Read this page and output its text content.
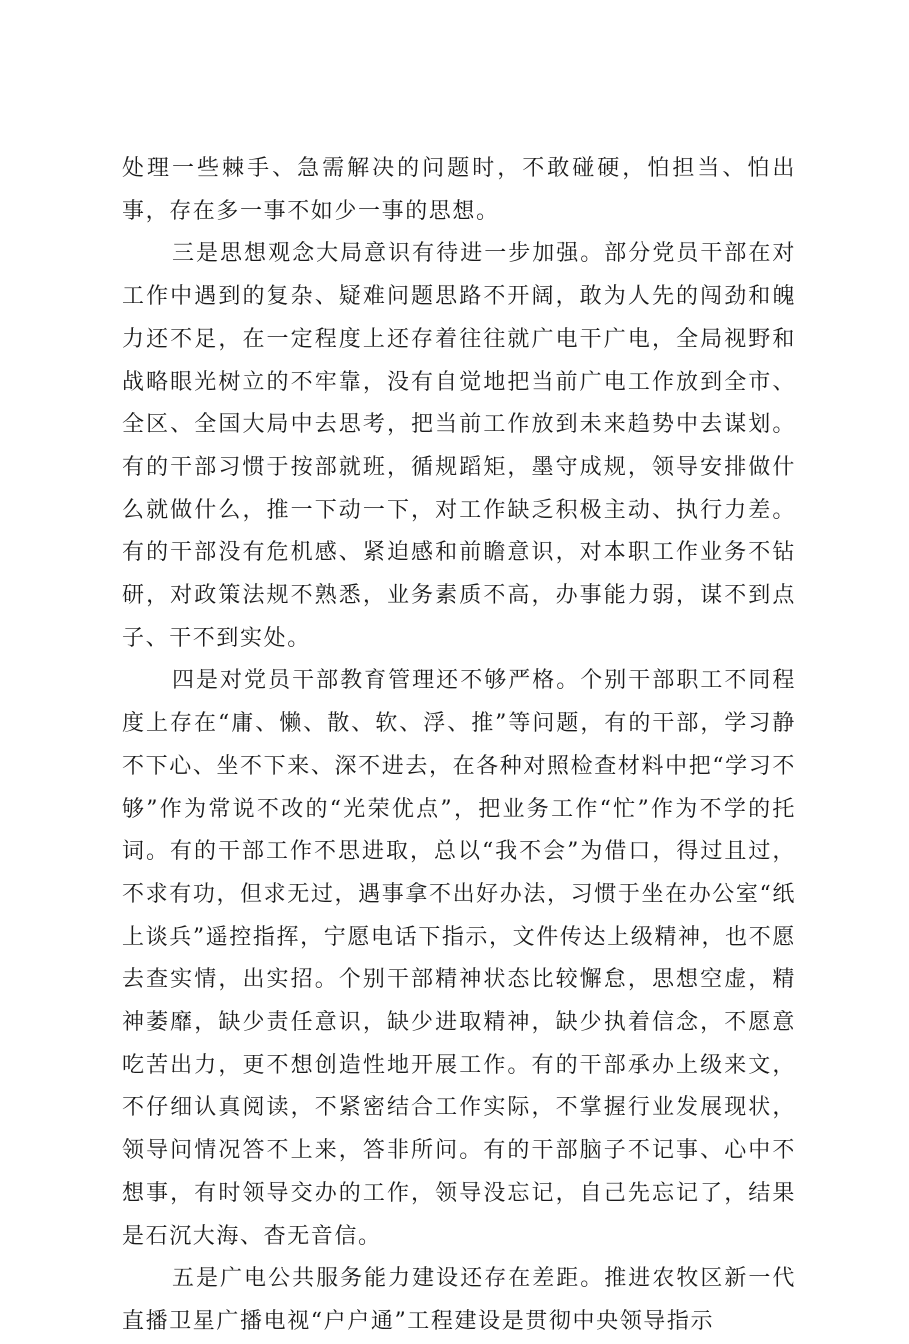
处理一些棘手、急需解决的问题时，不敢碰硬，怕担当、怕出事，存在多一事不如少一事的思想。

三是思想观念大局意识有待进一步加强。部分党员干部在对工作中遇到的复杂、疑难问题思路不开阔，敢为人先的闯劲和魄力还不足，在一定程度上还存着往往就广电干广电，全局视野和战略眼光树立的不牢靠，没有自觉地把当前广电工作放到全市、全区、全国大局中去思考，把当前工作放到未来趋势中去谋划。有的干部习惯于按部就班，循规蹈矩，墨守成规，领导安排做什么就做什么，推一下动一下，对工作缺乏积极主动、执行力差。有的干部没有危机感、紧迫感和前瞻意识，对本职工作业务不钻研，对政策法规不熟悉，业务素质不高，办事能力弱，谋不到点子、干不到实处。

四是对党员干部教育管理还不够严格。个别干部职工不同程度上存在“庸、懒、散、软、浮、推”等问题，有的干部，学习静不下心、坐不下来、深不进去，在各种对照检查材料中把“学习不够”作为常说不改的“光荣优点”，把业务工作“忙”作为不学的托词。有的干部工作不思进取，总以“我不会”为借口，得过且过，不求有功，但求无过，遇事拿不出好办法，习惯于坐在办公室“纸上谈兵”遥控指挥，宁愿电话下指示，文件传达上级精神，也不愿去查实情，出实招。个别干部精神状态比较懈怠，思想空虚，精神萎靡，缺少责任意识，缺少进取精神，缺少执着信念，不愿意吃苦出力，更不想创造性地开展工作。有的干部承办上级来文，不仔细认真阅读，不紧密结合工作实际，不掌握行业发展现状，领导问情况答不上来，答非所问。有的干部脑子不记事、心中不想事，有时领导交办的工作，领导没忘记，自己先忘记了，结果是石沉大海、杳无音信。

五是广电公共服务能力建设还存在差距。推进农牧区新一代直播卫星广播电视“户户通”工程建设是贯彻中央领导指示
